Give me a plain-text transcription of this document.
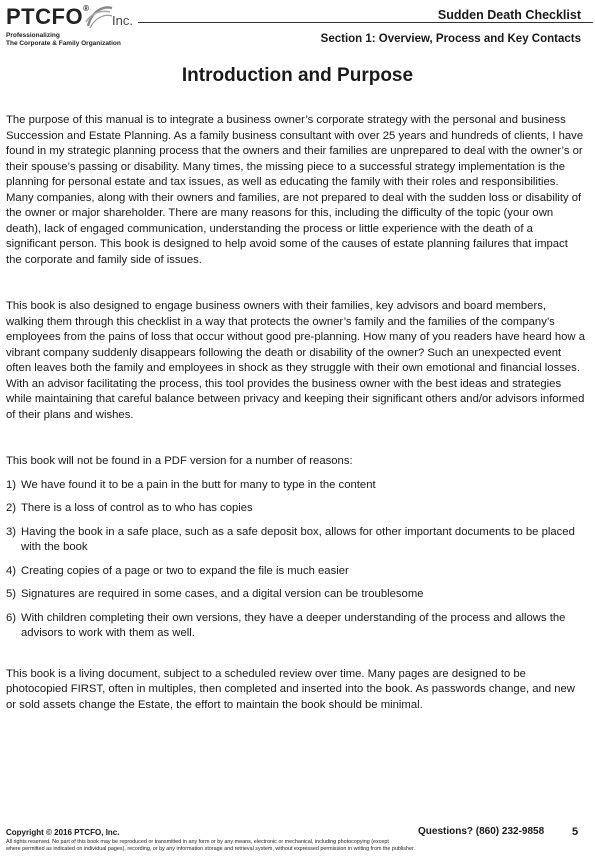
PTCFO®
Inc.
Professionalizing
The Corporate & Family Organization
Sudden Death Checklist
Section 1: Overview, Process and Key Contacts
Introduction and Purpose

The purpose of this manual is to integrate a business owner’s corporate strategy with the personal and business Succession and Estate Planning. As a family business consultant with over 25 years and hundreds of clients, I have found in my strategic planning process that the owners and their families are unprepared to deal with the owner’s or their spouse’s passing or disability. Many times, the missing piece to a successful strategy implementation is the planning for personal estate and tax issues, as well as educating the family with their roles and responsibilities. Many companies, along with their owners and families, are not prepared to deal with the sudden loss or disability of the owner or major shareholder. There are many reasons for this, including the difficulty of the topic (your own death), lack of engaged communication, understanding the process or little experience with the death of a significant person. This book is designed to help avoid some of the causes of estate planning failures that impact the corporate and family side of issues.

This book is also designed to engage business owners with their families, key advisors and board members, walking them through this checklist in a way that protects the owner’s family and the families of the company’s employees from the pains of loss that occur without good pre-planning. How many of you readers have heard how a vibrant company suddenly disappears following the death or disability of the owner? Such an unexpected event often leaves both the family and employees in shock as they struggle with their own emotional and financial losses. With an advisor facilitating the process, this tool provides the business owner with the best ideas and strategies while maintaining that careful balance between privacy and keeping their significant others and/or advisors informed of their plans and wishes.

This book will not be found in a PDF version for a number of reasons:

1) We have found it to be a pain in the butt for many to type in the content
2) There is a loss of control as to who has copies
3) Having the book in a safe place, such as a safe deposit box, allows for other important documents to be placed with the book
4) Creating copies of a page or two to expand the file is much easier
5) Signatures are required in some cases, and a digital version can be troublesome
6) With children completing their own versions, they have a deeper understanding of the process and allows the advisors to work with them as well.

This book is a living document, subject to a scheduled review over time. Many pages are designed to be photocopied FIRST, often in multiples, then completed and inserted into the book. As passwords change, and new or sold assets change the Estate, the effort to maintain the book should be minimal.

Copyright © 2016 PTCFO, Inc.
All rights reserved. No part of this book may be reproduced or transmitted in any form or by any means, electronic or mechanical, including photocopying (except
where permitted as indicated on individual pages), recording, or by any information storage and retrieval system, without expressed permission in writing from the publisher.
Questions? (860) 232-9858	5
